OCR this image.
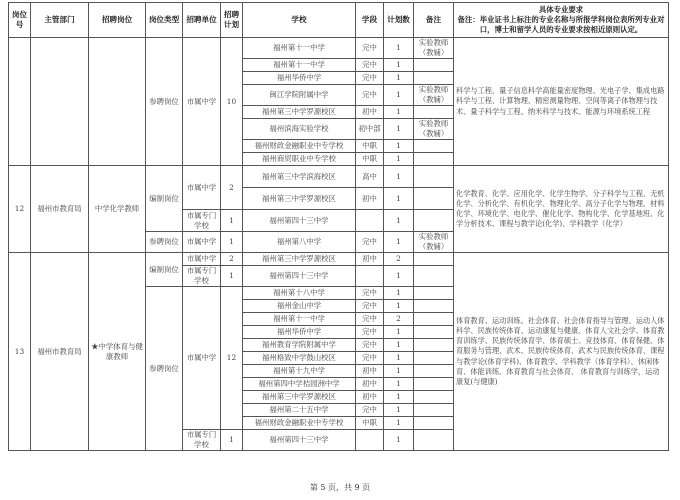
岗位号	主管部门	招聘岗位	岗位类型	招聘单位	招聘计划	学校	学段	计划数	备注	具体专业要求
备注：毕业证书上标注的专业名称与所报学科岗位表所列专业对口，博士和留学人员的专业要求按相近原则认定。

			参聘岗位	市属中学	10	福州第十一中学	完中	1	实验教师（教辅）	科学与工程、量子信息科学高能量密度物理、光电子学、集成电路科学与工程、计算物理、精密测量物理、空间等离子体物理与技术、量子科学与工程、纳米科学与技术、能源与环境系统工程
						福州第十一中学	完中	1		
						福州华侨中学	完中	1		
						闽江学院附属中学	完中	1	实验教师（教辅）	
						福州第三中学罗源校区	初中	1		
						福州滨海实验学校	初中部	1	实验教师（教辅）	
						福州财政金融职业中专学校	中职	1		
						福州商贸职业中专学校	中职	1		
12	福州市教育局	中学化学教师	编制岗位	市属中学	2	福州第三中学滨海校区	高中	1		化学教育、化学、应用化学、化学生物学、分子科学与工程、无机化学、分析化学、有机化学、物理化学、高分子化学与物理、材料化学、环境化学、电化学、催化化学、物构化学、化学基地班、化学分析技术、课程与教学论(化学)、学科教学（化学）
						福州第三中学罗源校区	初中	1		
				市属专门学校	1	福州第四十三中学		1		
			参聘岗位	市属中学	1	福州第八中学	完中	1	实验教师（教辅）	
13	福州市教育局	★中学体育与健康教师	编制岗位	市属中学	2	福州第三中学罗源校区	初中	2		体育教育、运动训练、社会体育、社会体育指导与管理、运动人体科学、民族传统体育、运动康复与健康、体育人文社会学、体育教育训练学、民族传统体育学、体育硕士、竞技体育、体育保健、体育服务与管理、武术、民族传统体育、武术与民族传统体育、课程与教学论(体育学科)、体育教学、学科教学（体育学科）、休闲体育、体能训练、体育教育与社会体育、 体育教育与训练学，运动康复(与健康)
				市属专门学校	1	福州第四十三中学		1		
			参聘岗位	市属中学	12	福州第十八中学	完中	1		
						福州金山中学	完中	1		
						福州第十一中学	完中	2		
						福州华侨中学	完中	1		
						福州教育学院附属中学	完中	1		
						福州格致中学鼓山校区	完中	1		
						福州第十九中学	初中	1		
						福州第四中学桔园洲中学	初中	1		
						福州第三中学罗源校区	初中	1		
						福州第二十五中学	完中	1		
						福州财政金融职业中专学校	中职	1		
				市属专门学校	1	福州第四十三中学		1		
第 5 页，共 9 页
